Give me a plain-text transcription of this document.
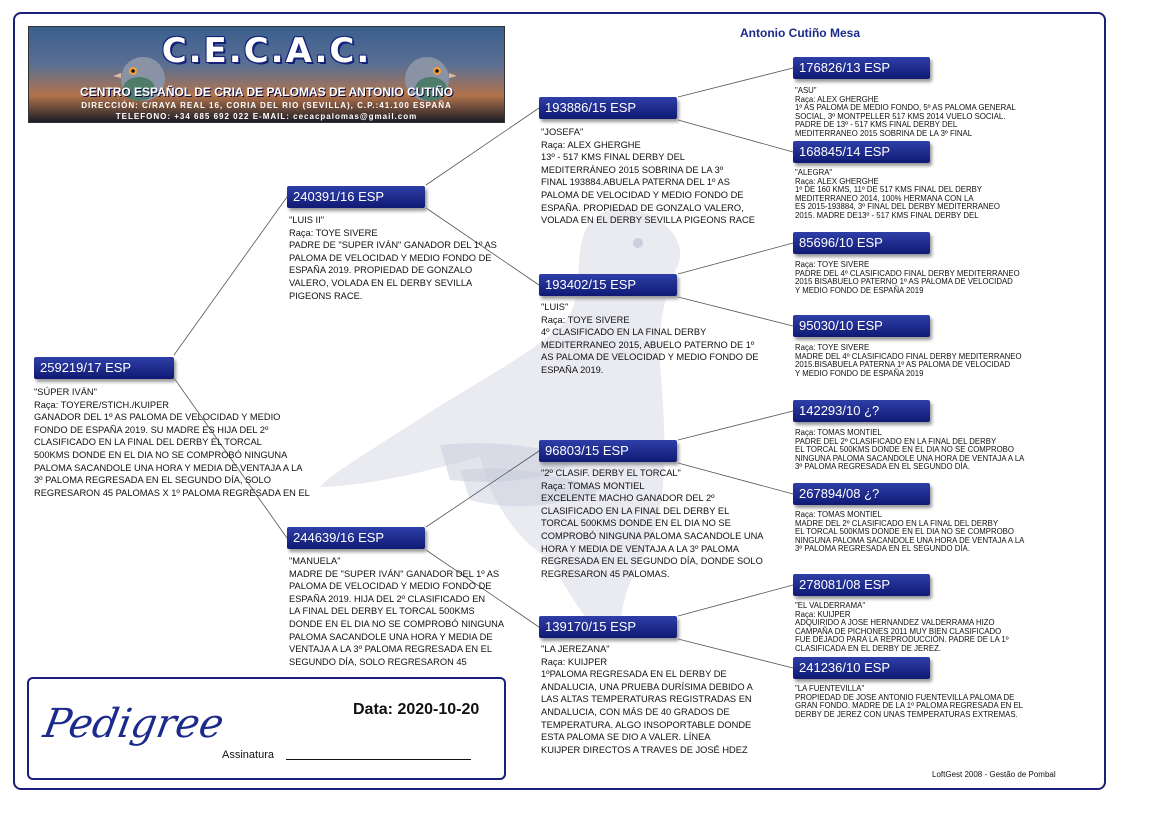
C.E.C.A.C.
CENTRO ESPAÑOL DE CRIA DE PALOMAS DE ANTONIO CUTIÑO
DIRECCIÓN: C/RAYA REAL 16, CORIA DEL RIO (SEVILLA), C.P.:41.100 ESPAÑA
TELEFONO: +34 685 692 022 E-MAIL: cecacpalomas@gmail.com
Antonio Cutiño Mesa
259219/17 ESP
"SÚPER IVÁN"
Raça: TOYERE/STICH./KUIPER
GANADOR DEL 1º AS PALOMA DE VELOCIDAD Y MEDIO
FONDO DE ESPAÑA 2019. SU MADRE ES HIJA DEL 2º
CLASIFICADO EN LA FINAL DEL DERBY EL TORCAL
500KMS DONDE EN EL DIA NO SE COMPROBÓ NINGUNA
PALOMA SACANDOLE UNA HORA Y MEDIA DE VENTAJA A LA
3º PALOMA REGRESADA EN EL SEGUNDO DÍA, SOLO
REGRESARON 45 PALOMAS X 1º PALOMA REGRESADA EN EL
240391/16 ESP
"LUIS II"
Raça: TOYE SIVERE
PADRE DE "SUPER IVÁN" GANADOR DEL 1º AS
PALOMA DE VELOCIDAD Y MEDIO FONDO DE
ESPAÑA 2019. PROPIEDAD DE GONZALO
VALERO, VOLADA EN EL DERBY SEVILLA
PIGEONS RACE.
244639/16 ESP
"MANUELA"
MADRE DE "SUPER IVÁN" GANADOR DEL 1º AS
PALOMA DE VELOCIDAD Y MEDIO FONDO DE
ESPAÑA 2019. HIJA DEL 2º CLASIFICADO EN
LA FINAL DEL DERBY EL TORCAL 500KMS
DONDE EN EL DIA NO SE COMPROBÓ NINGUNA
PALOMA SACANDOLE UNA HORA Y MEDIA DE
VENTAJA A LA 3º PALOMA REGRESADA EN EL
SEGUNDO DÍA, SOLO REGRESARON 45
193886/15 ESP
"JOSEFA"
Raça: ALEX GHERGHE
13º - 517 KMS FINAL DERBY DEL
MEDITERRÁNEO 2015 SOBRINA DE LA 3º
FINAL 193884.ABUELA PATERNA DEL 1º AS
PALOMA DE VELOCIDAD Y MEDIO FONDO DE
ESPAÑA. PROPIEDAD DE GONZALO VALERO,
VOLADA EN EL DERBY SEVILLA PIGEONS RACE
193402/15 ESP
"LUIS"
Raça: TOYE SIVERE
4º CLASIFICADO EN LA FINAL DERBY
MEDITERRANEO 2015, ABUELO PATERNO DE 1º
AS PALOMA DE VELOCIDAD Y MEDIO FONDO DE
ESPAÑA 2019.
96803/15 ESP
"2º CLASIF. DERBY EL TORCAL"
Raça: TOMAS MONTIEL
EXCELENTE MACHO GANADOR DEL 2º
CLASIFICADO EN LA FINAL DEL DERBY EL
TORCAL 500KMS DONDE EN EL DIA NO SE
COMPROBÓ NINGUNA PALOMA SACANDOLE UNA
HORA Y MEDIA DE VENTAJA A LA 3º PALOMA
REGRESADA EN EL SEGUNDO DÍA, DONDE SOLO
REGRESARON 45 PALOMAS.
139170/15 ESP
"LA JEREZANA"
Raça: KUIJPER
1ºPALOMA REGRESADA EN EL DERBY DE
ANDALUCIA, UNA PRUEBA DURÍSIMA DEBIDO A
LAS ALTAS TEMPERATURAS REGISTRADAS EN
ANDALUCIA, CON MÁS DE 40 GRADOS DE
TEMPERATURA. ALGO INSOPORTABLE DONDE
ESTA PALOMA SE DIO A VALER. LÍNEA
KUIJPER DIRECTOS A TRAVES DE JOSÉ HDEZ
176826/13 ESP
"ASU"
Raça: ALEX GHERGHE
1º AS PALOMA DE MEDIO FONDO, 5º AS PALOMA GENERAL
SOCIAL, 3º MONTPELLER 517 KMS 2014 VUELO SOCIAL.
PADRE DE 13º - 517 KMS FINAL DERBY DEL
MEDITERRANEO 2015 SOBRINA DE LA 3º FINAL
168845/14 ESP
"ALEGRA"
Raça: ALEX GHERGHE
1º DE 160 KMS, 11º DE 517 KMS FINAL DEL DERBY
MEDITERRANEO 2014, 100% HERMANA CON LA
ES 2015-193884, 3º FINAL DEL DERBY MEDITERRANEO
2015. MADRE DE13º - 517 KMS FINAL DERBY DEL
85696/10 ESP
Raça: TOYE SIVERE
PADRE DEL 4º CLASIFICADO FINAL DERBY MEDITERRANEO
2015 BISABUELO PATERNO 1º AS PALOMA DE VELOCIDAD
Y MEDIO FONDO DE ESPAÑA 2019
95030/10 ESP
Raça: TOYE SIVERE
MADRE DEL 4º CLASIFICADO FINAL DERBY MEDITERRANEO
2015.BISABUELA PATERNA 1º AS PALOMA DE VELOCIDAD
Y MEDIO FONDO DE ESPAÑA 2019
142293/10 ¿?
Raça: TOMAS MONTIEL
PADRE DEL 2º CLASIFICADO EN LA FINAL DEL DERBY
EL TORCAL 500KMS DONDE EN EL DIA NO SE COMPROBO
NINGUNA PALOMA SACANDOLE UNA HORA DE VENTAJA A LA
3º PALOMA REGRESADA EN EL SEGUNDO DÍA.
267894/08 ¿?
Raça: TOMAS MONTIEL
MADRE DEL 2º CLASIFICADO EN LA FINAL DEL DERBY
EL TORCAL 500KMS DONDE EN EL DIA NO SE COMPROBO
NINGUNA PALOMA SACANDOLE UNA HORA DE VENTAJA A LA
3º PALOMA REGRESADA EN EL SEGUNDO DÍA.
278081/08 ESP
"EL VALDERRAMA"
Raça: KUIJPER
ADQUIRIDO A JOSE HERNANDEZ VALDERRAMA HIZO
CAMPAÑA DE PICHONES 2011 MUY BIEN CLASIFICADO
FUE DEJADO PARA LA REPRODUCCIÓN. PADRE DE LA 1º
CLASIFICADA EN EL DERBY DE JEREZ.
241236/10 ESP
"LA FUENTEVILLA"
PROPIEDAD DE JOSE ANTONIO FUENTEVILLA PALOMA DE
GRAN FONDO. MADRE DE LA 1º PALOMA REGRESADA EN EL
DERBY DE JEREZ CON UNAS TEMPERATURAS EXTREMAS.
Pedigree	Data: 2020-10-20
Assinatura
LoftGest 2008 - Gestão de Pombal
